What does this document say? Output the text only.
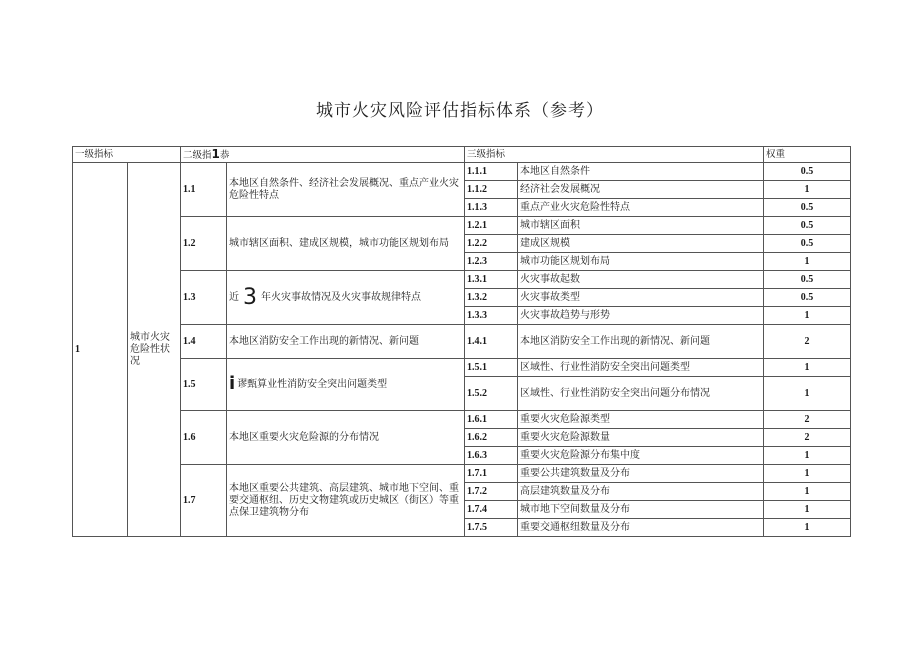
城市火灾风险评估指标体系（参考）
一级指标		二级指1恭		三级指标		权重
1	城市火灾危险性状况	1.1	本地区自然条件、经济社会发展概况、重点产业火灾危险性特点	1.1.1	本地区自然条件	0.5
				1.1.2	经济社会发展概况	1
				1.1.3	重点产业火灾危险性特点	0.5
		1.2	城市辖区面积、建成区规模，城市功能区规划布局	1.2.1	城市辖区面积	0.5
				1.2.2	建成区规模	0.5
				1.2.3	城市功能区规划布局	1
		1.3	近 3 年火灾事故情况及火灾事故规律特点	1.3.1	火灾事故起数	0.5
				1.3.2	火灾事故类型	0.5
				1.3.3	火灾事故趋势与形势	1
		1.4	本地区消防安全工作出现的新情况、新问题	1.4.1	本地区消防安全工作出现的新情况、新问题	2
		1.5	i 谬甄算业性消防安全突出问题类型	1.5.1	区域性、行业性消防安全突出问题类型	1
				1.5.2	区域性、行业性消防安全突出问题分布情况	1
		1.6	本地区重要火灾危险源的分布情况	1.6.1	重要火灾危险源类型	2
				1.6.2	重要火灾危险源数量	2
				1.6.3	重要火灾危险源分布集中度	1
		1.7	本地区重要公共建筑、高层建筑、城市地下空间、重要交通枢纽、历史文物建筑或历史城区（街区）等重点保卫建筑物分布	1.7.1	重要公共建筑数量及分布	1
				1.7.2	高层建筑数量及分布	1
				1.7.4	城市地下空间数量及分布	1
				1.7.5	重要交通枢纽数量及分布	1
